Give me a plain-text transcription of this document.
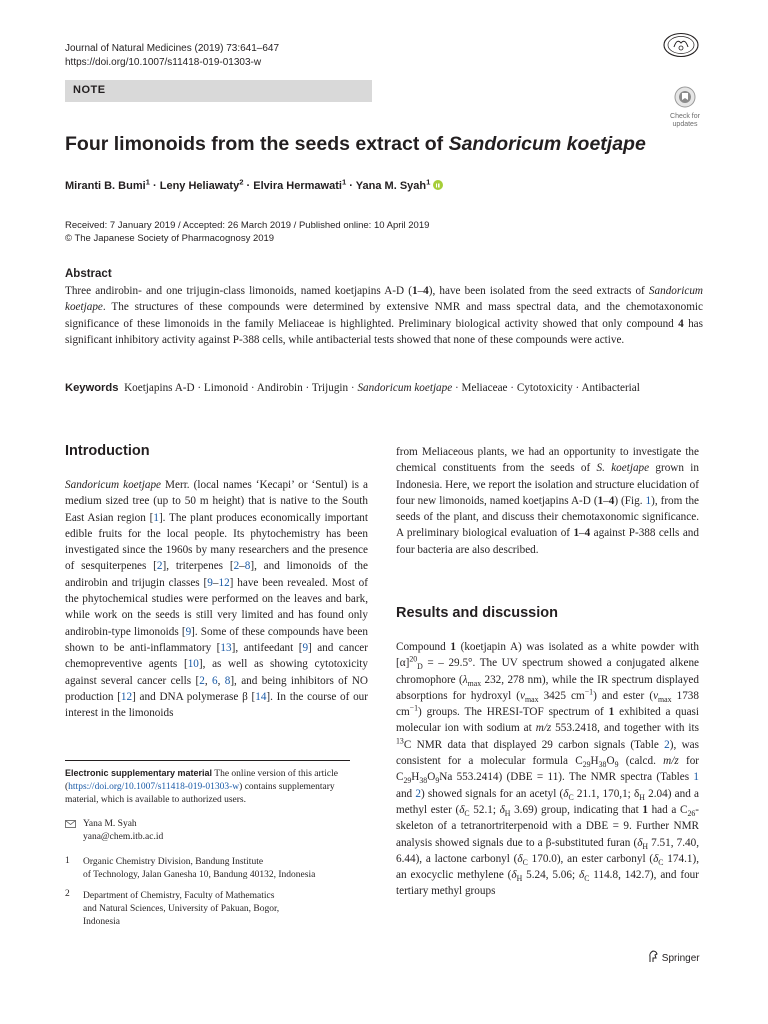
Journal of Natural Medicines (2019) 73:641–647
https://doi.org/10.1007/s11418-019-01303-w
NOTE
Check for
updates
Four limonoids from the seeds extract of Sandoricum koetjape
Miranti B. Bumi$^1$ · Leny Heliawaty$^2$ · Elvira Hermawati$^1$ · Yana M. Syah$^1$
Received: 7 January 2019 / Accepted: 26 March 2019 / Published online: 10 April 2019
© The Japanese Society of Pharmacognosy 2019
Abstract
Three andirobin- and one trijugin-class limonoids, named koetjapins A-D (1–4), have been isolated from the seed extracts of Sandoricum koetjape. The structures of these compounds were determined by extensive NMR and mass spectral data, and the chemotaxonomic significance of these limonoids in the family Meliaceae is highlighted. Preliminary biological activity showed that only compound 4 has significant inhibitory activity against P-388 cells, while antibacterial tests showed that none of these compounds were active.
Keywords  Koetjapins A-D · Limonoid · Andirobin · Trijugin · Sandoricum koetjape · Meliaceae · Cytotoxicity · Antibacterial
Introduction
Sandoricum koetjape Merr. (local names ‘Kecapi’ or ‘Sentul) is a medium sized tree (up to 50 m height) that is native to the South East Asian region [1]. The plant produces economically important edible fruits for the local people. Its phytochemistry has been investigated since the 1960s by many researchers and the presence of sesquiterpenes [2], triterpenes [2–8], and limonoids of the andirobin and trijugin classes [9–12] have been revealed. Most of the phytochemical studies were performed on the leaves and bark, while work on the seeds is still very limited and has found only andirobin-type limonoids [9]. Some of these compounds have been shown to be anti-inflammatory [13], antifeedant [9] and cancer chemopreventive agents [10], as well as showing cytotoxicity against several cancer cells [2, 6, 8], and being inhibitors of NO production [12] and DNA polymerase β [14]. In the course of our interest in the limonoids
Electronic supplementary material The online version of this article (https://doi.org/10.1007/s11418-019-01303-w) contains supplementary material, which is available to authorized users.
Yana M. Syah
yana@chem.itb.ac.id
1 Organic Chemistry Division, Bandung Institute
of Technology, Jalan Ganesha 10, Bandung 40132, Indonesia
2 Department of Chemistry, Faculty of Mathematics
and Natural Sciences, University of Pakuan, Bogor,
Indonesia
from Meliaceous plants, we had an opportunity to investigate the chemical constituents from the seeds of S. koetjape grown in Indonesia. Here, we report the isolation and structure elucidation of four new limonoids, named koetjapins A-D (1–4) (Fig. 1), from the seeds of the plant, and discuss their chemotaxonomic significance. A preliminary biological evaluation of 1–4 against P-388 cells and four bacteria are also described.
Results and discussion
Compound 1 (koetjapin A) was isolated as a white powder with $[\alpha]^{20}_D$ = – 29.5°. The UV spectrum showed a conjugated alkene chromophore ($\lambda_{max}$ 232, 278 nm), while the IR spectrum displayed absorptions for hydroxyl ($\nu_{max}$ 3425 $cm^{-1}$) and ester ($\nu_{max}$ 1738 $cm^{-1}$) groups. The HRESI-TOF spectrum of 1 exhibited a quasi molecular ion with sodium at m/z 553.2418, and together with its $^{13}$C NMR data that displayed 29 carbon signals (Table 2), was consistent for a molecular formula $C_{29}H_{38}O_9$ (calcd. m/z for $C_{29}H_{38}O_9Na$ 553.2414) (DBE = 11). The NMR spectra (Tables 1 and 2) showed signals for an acetyl ($\delta_C$ 21.1, 170,1; $\delta_H$ 2.04) and a methyl ester ($\delta_C$ 52.1; $\delta_H$ 3.69) group, indicating that 1 had a $C_{26}$-skeleton of a tetranortriterpenoid with a DBE = 9. Further NMR analysis showed signals due to a β-substituted furan ($\delta_H$ 7.51, 7.40, 6.44), a lactone carbonyl ($\delta_C$ 170.0), an ester carbonyl ($\delta_C$ 174.1), an exocyclic methylene ($\delta_H$ 5.24, 5.06; $\delta_C$ 114.8, 142.7), and four tertiary methyl groups
Springer
